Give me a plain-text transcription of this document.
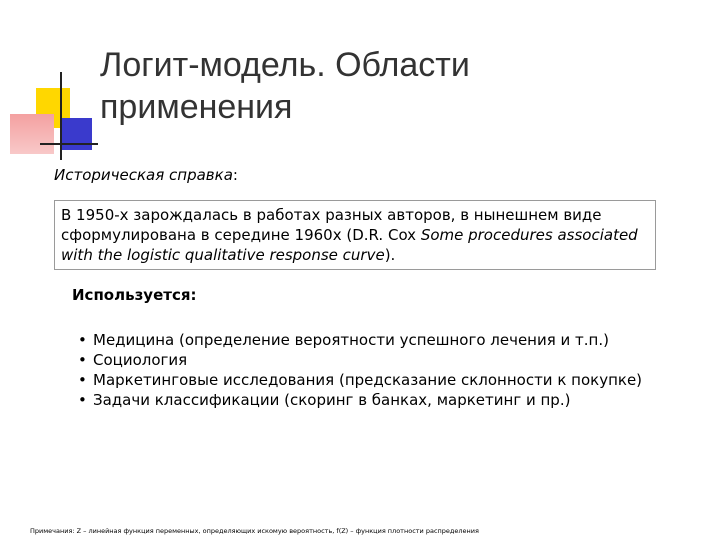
Логит-модель. Области
применения
Историческая справка:
В 1950-х зарождалась в работах разных авторов, в нынешнем виде сформулирована в середине 1960х (D.R. Cox Some procedures associated with the logistic qualitative response curve).
Используется:
• Медицина (определение вероятности успешного лечения и т.п.)
• Социология
• Маркетинговые исследования (предсказание склонности к покупке)
• Задачи классификации (скоринг в банках, маркетинг и пр.)
Примечания: Z – линейная функция переменных, определяющих искомую вероятность, f(Z) – функция плотности распределения
